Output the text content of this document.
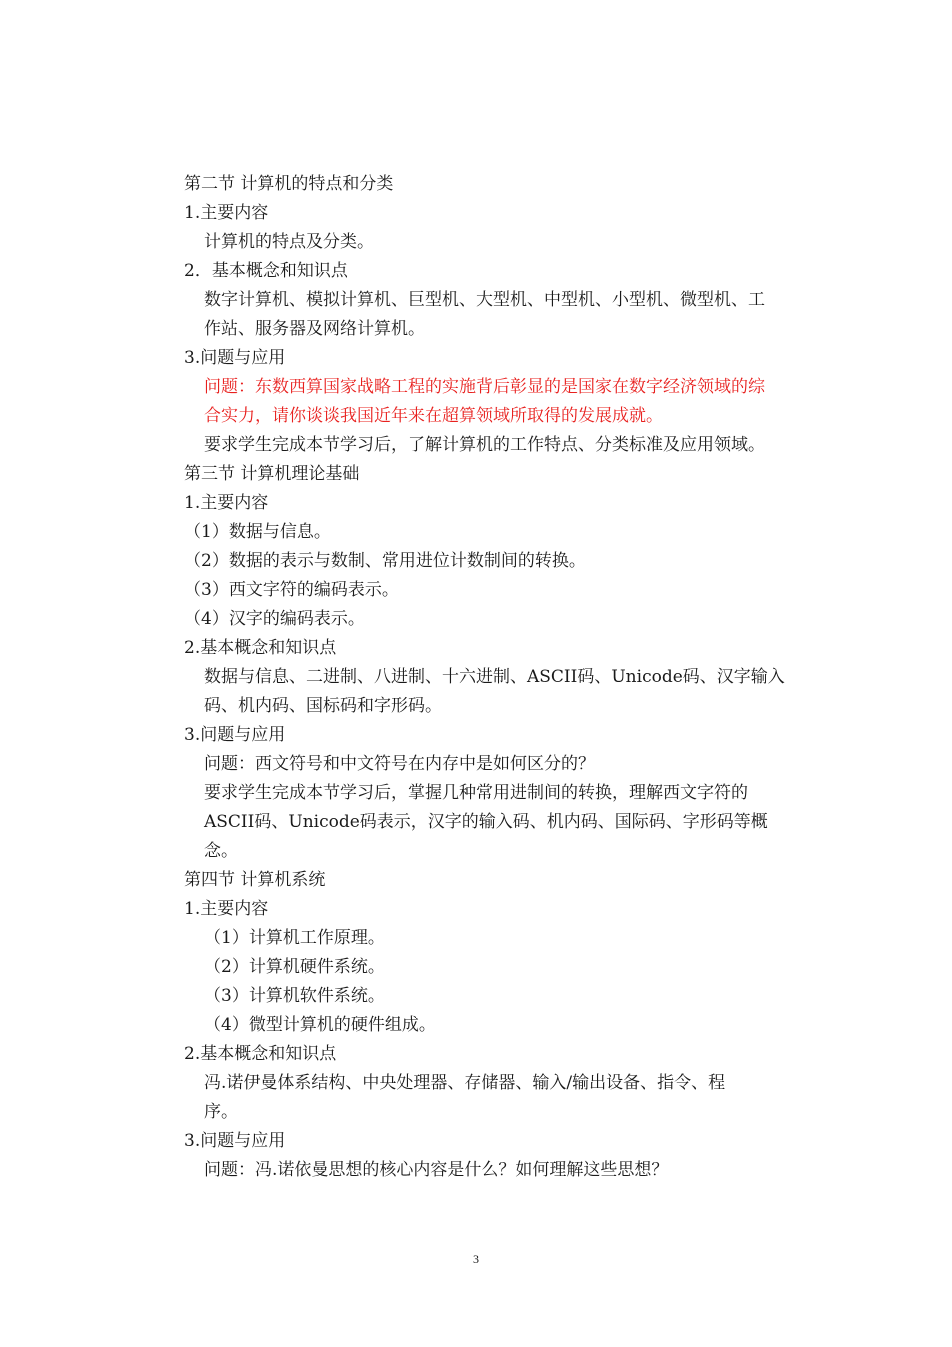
第二节 计算机的特点和分类
1.主要内容
计算机的特点及分类。
2．基本概念和知识点
数字计算机、模拟计算机、巨型机、大型机、中型机、小型机、微型机、工
作站、服务器及网络计算机。
3.问题与应用
问题：东数西算国家战略工程的实施背后彰显的是国家在数字经济领域的综
合实力，请你谈谈我国近年来在超算领域所取得的发展成就。
要求学生完成本节学习后，了解计算机的工作特点、分类标准及应用领域。
第三节 计算机理论基础
1.主要内容
（1）数据与信息。
（2）数据的表示与数制、常用进位计数制间的转换。
（3）西文字符的编码表示。
（4）汉字的编码表示。
2.基本概念和知识点
数据与信息、二进制、八进制、十六进制、ASCII码、Unicode码、汉字输入
码、机内码、国标码和字形码。
3.问题与应用
问题：西文符号和中文符号在内存中是如何区分的？
要求学生完成本节学习后，掌握几种常用进制间的转换，理解西文字符的
ASCII码、Unicode码表示，汉字的输入码、机内码、国际码、字形码等概
念。
第四节 计算机系统
1.主要内容
（1）计算机工作原理。
（2）计算机硬件系统。
（3）计算机软件系统。
（4）微型计算机的硬件组成。
2.基本概念和知识点
冯.诺伊曼体系结构、中央处理器、存储器、输入/输出设备、指令、程
序。
3.问题与应用
问题：冯.诺依曼思想的核心内容是什么？如何理解这些思想？
3
